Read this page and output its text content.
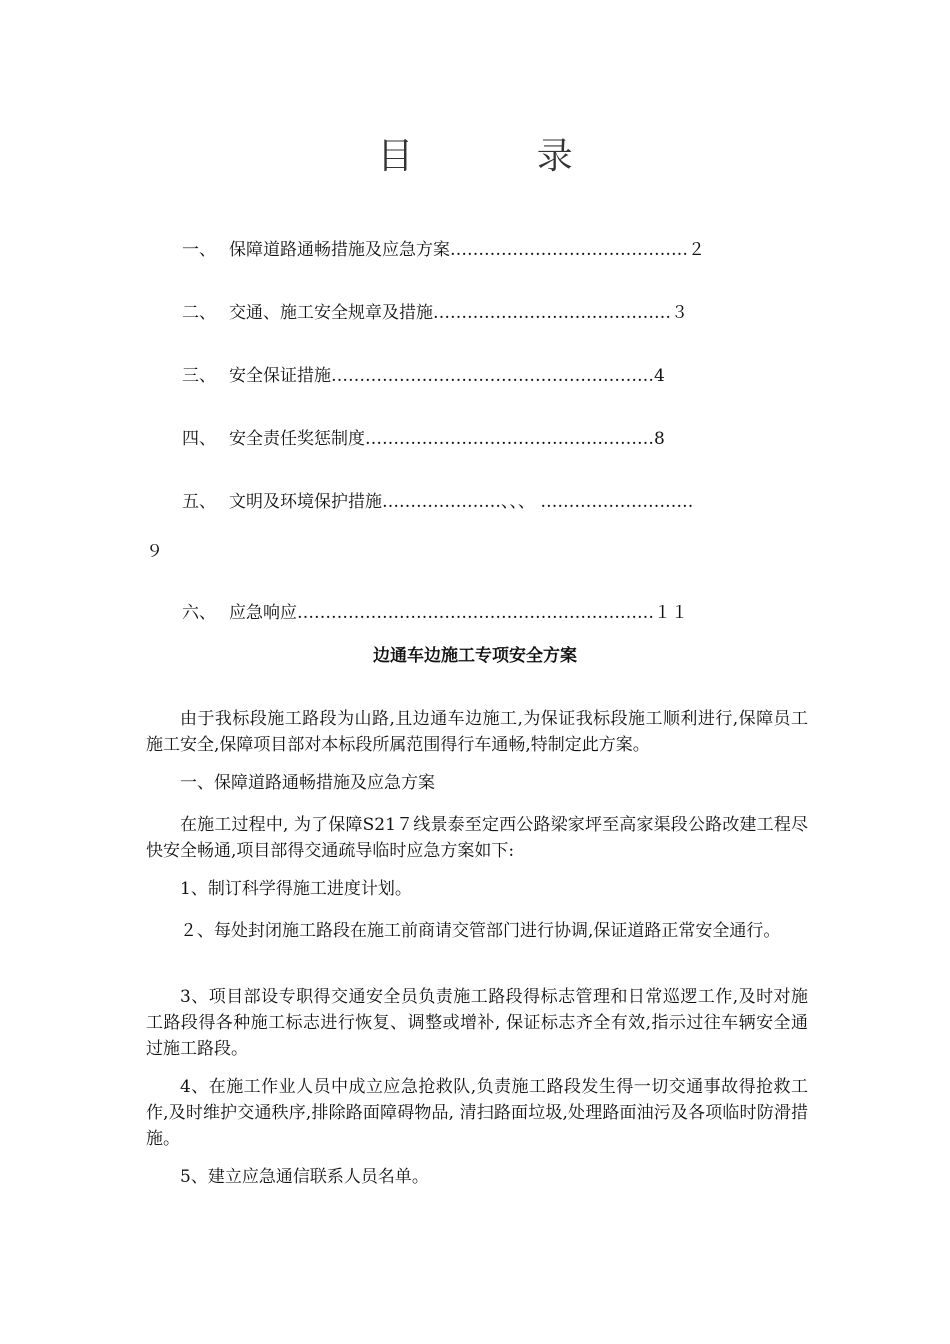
目 录
一、 保障道路通畅措施及应急方案……………………………………２
二、 交通、施工安全规章及措施……………………………………３
三、 安全保证措施…………………………………………………4
四、 安全责任奖惩制度……………………………………………8
五、 文明及环境保护措施…………………、、、 ………………………
９
六、 应急响应………………………………………………………１１
边通车边施工专项安全方案
由于我标段施工路段为山路,且边通车边施工,为保证我标段施工顺利进行,保障员工施工安全,保障项目部对本标段所属范围得行车通畅,特制定此方案。
一、保障道路通畅措施及应急方案
在施工过程中, 为了保障S21７线景泰至定西公路梁家坪至高家渠段公路改建工程尽快安全畅通,项目部得交通疏导临时应急方案如下:
1、制订科学得施工进度计划。
２、每处封闭施工路段在施工前商请交管部门进行协调,保证道路正常安全通行。
3、项目部设专职得交通安全员负责施工路段得标志管理和日常巡逻工作,及时对施工路段得各种施工标志进行恢复、调整或增补, 保证标志齐全有效,指示过往车辆安全通过施工路段。
4、在施工作业人员中成立应急抢救队,负责施工路段发生得一切交通事故得抢救工作,及时维护交通秩序,排除路面障碍物品, 清扫路面垃圾,处理路面油污及各项临时防滑措施。
5、建立应急通信联系人员名单。
